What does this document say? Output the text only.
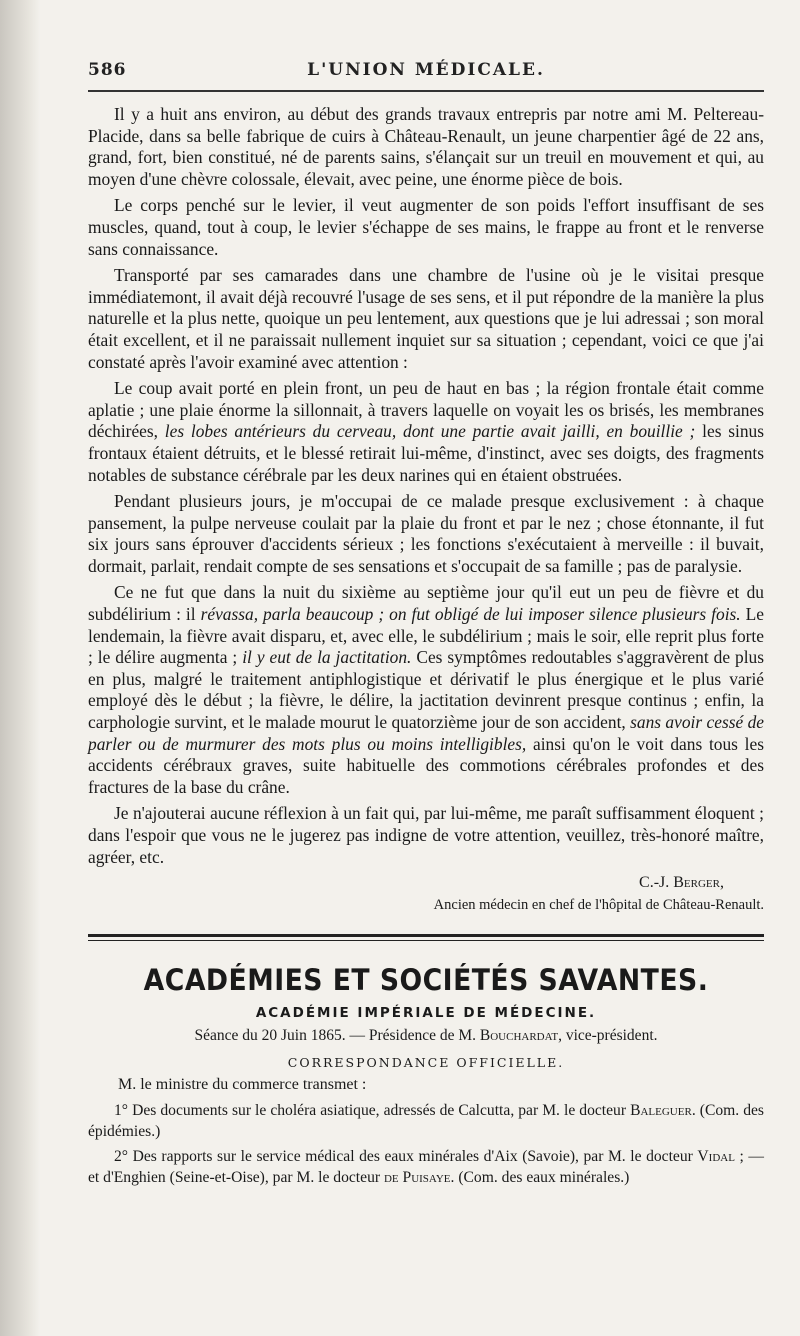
586	L'UNION MÉDICALE.

Il y a huit ans environ, au début des grands travaux entrepris par notre ami M. Peltereau-Placide, dans sa belle fabrique de cuirs à Château-Renault, un jeune charpentier âgé de 22 ans, grand, fort, bien constitué, né de parents sains, s'élançait sur un treuil en mouvement et qui, au moyen d'une chèvre colossale, élevait, avec peine, une énorme pièce de bois.

Le corps penché sur le levier, il veut augmenter de son poids l'effort insuffisant de ses muscles, quand, tout à coup, le levier s'échappe de ses mains, le frappe au front et le renverse sans connaissance.

Transporté par ses camarades dans une chambre de l'usine où je le visitai presque immédiatemont, il avait déjà recouvré l'usage de ses sens, et il put répondre de la manière la plus naturelle et la plus nette, quoique un peu lentement, aux questions que je lui adressai ; son moral était excellent, et il ne paraissait nullement inquiet sur sa situation ; cependant, voici ce que j'ai constaté après l'avoir examiné avec attention :

Le coup avait porté en plein front, un peu de haut en bas ; la région frontale était comme aplatie ; une plaie énorme la sillonnait, à travers laquelle on voyait les os brisés, les membranes déchirées, les lobes antérieurs du cerveau, dont une partie avait jailli, en bouillie ; les sinus frontaux étaient détruits, et le blessé retirait lui-même, d'instinct, avec ses doigts, des fragments notables de substance cérébrale par les deux narines qui en étaient obstruées.

Pendant plusieurs jours, je m'occupai de ce malade presque exclusivement : à chaque pansement, la pulpe nerveuse coulait par la plaie du front et par le nez ; chose étonnante, il fut six jours sans éprouver d'accidents sérieux ; les fonctions s'exécutaient à merveille : il buvait, dormait, parlait, rendait compte de ses sensations et s'occupait de sa famille ; pas de paralysie.

Ce ne fut que dans la nuit du sixième au septième jour qu'il eut un peu de fièvre et du subdélirium : il révassa, parla beaucoup ; on fut obligé de lui imposer silence plusieurs fois. Le lendemain, la fièvre avait disparu, et, avec elle, le subdélirium ; mais le soir, elle reprit plus forte ; le délire augmenta ; il y eut de la jactitation. Ces symptômes redoutables s'aggravèrent de plus en plus, malgré le traitement antiphlogistique et dérivatif le plus énergique et le plus varié employé dès le début ; la fièvre, le délire, la jactitation devinrent presque continus ; enfin, la carphologie survint, et le malade mourut le quatorzième jour de son accident, sans avoir cessé de parler ou de murmurer des mots plus ou moins intelligibles, ainsi qu'on le voit dans tous les accidents cérébraux graves, suite habituelle des commotions cérébrales profondes et des fractures de la base du crâne.

Je n'ajouterai aucune réflexion à un fait qui, par lui-même, me paraît suffisamment éloquent ; dans l'espoir que vous ne le jugerez pas indigne de votre attention, veuillez, très-honoré maître, agréer, etc.

C.-J. Berger,
Ancien médecin en chef de l'hôpital de Château-Renault.
ACADÉMIES ET SOCIÉTÉS SAVANTES.
ACADÉMIE IMPÉRIALE DE MÉDECINE.
Séance du 20 Juin 1865. — Présidence de M. Bouchardat, vice-président.
CORRESPONDANCE OFFICIELLE.
M. le ministre du commerce transmet :

1° Des documents sur le choléra asiatique, adressés de Calcutta, par M. le docteur Baleguer. (Com. des épidémies.)

2° Des rapports sur le service médical des eaux minérales d'Aix (Savoie), par M. le docteur Vidal ; — et d'Enghien (Seine-et-Oise), par M. le docteur de Puisaye. (Com. des eaux minérales.)
